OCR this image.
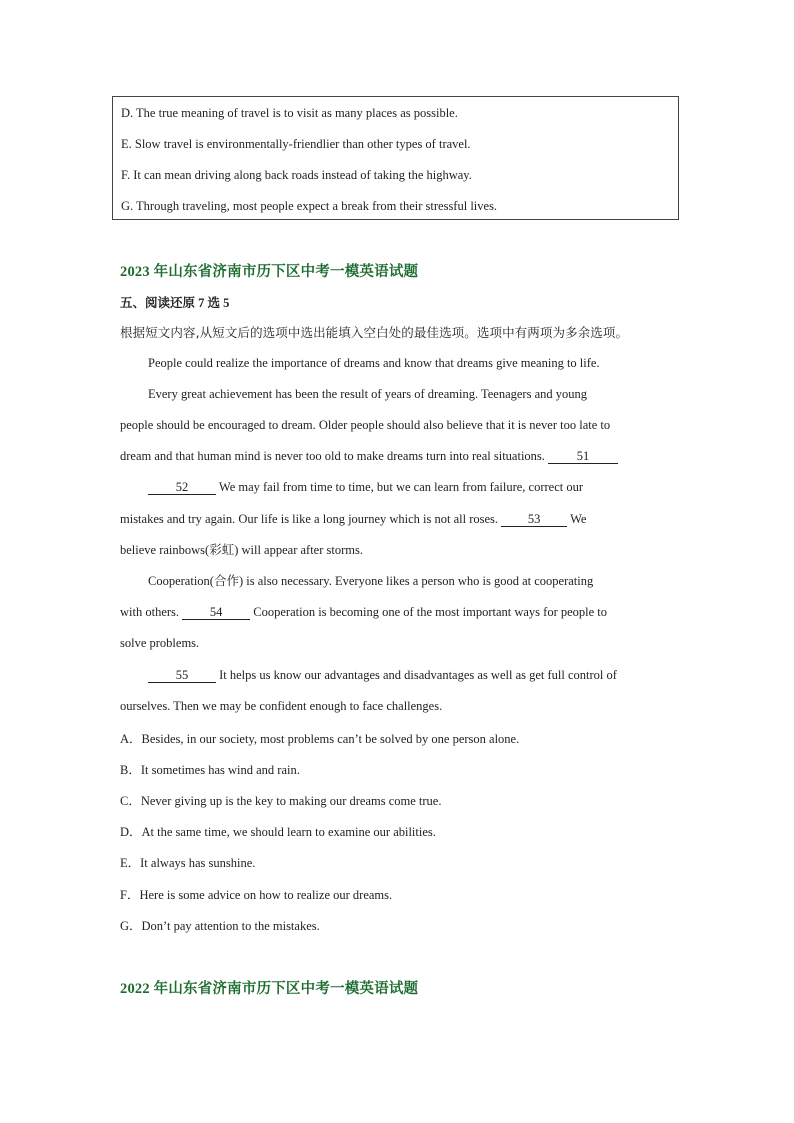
D. The true meaning of travel is to visit as many places as possible.
E. Slow travel is environmentally-friendlier than other types of travel.
F. It can mean driving along back roads instead of taking the highway.
G. Through traveling, most people expect a break from their stressful lives.
2023 年山东省济南市历下区中考一模英语试题
五、阅读还原 7 选 5
根据短文内容,从短文后的选项中选出能填入空白处的最佳选项。选项中有两项为多余选项。
People could realize the importance of dreams and know that dreams give meaning to life.
Every great achievement has been the result of years of dreaming. Teenagers and young
people should be encouraged to dream. Older people should also believe that it is never too late to
dream and that human mind is never too old to make dreams turn into real situations. 51
52 We may fail from time to time, but we can learn from failure, correct our
mistakes and try again. Our life is like a long journey which is not all roses. 53 We
believe rainbows(彩虹) will appear after storms.
Cooperation(合作) is also necessary. Everyone likes a person who is good at cooperating
with others. 54 Cooperation is becoming one of the most important ways for people to
solve problems.
55 It helps us know our advantages and disadvantages as well as get full control of
ourselves. Then we may be confident enough to face challenges.
A．Besides, in our society, most problems can’t be solved by one person alone.
B．It sometimes has wind and rain.
C．Never giving up is the key to making our dreams come true.
D．At the same time, we should learn to examine our abilities.
E．It always has sunshine.
F．Here is some advice on how to realize our dreams.
G．Don’t pay attention to the mistakes.
2022 年山东省济南市历下区中考一模英语试题
